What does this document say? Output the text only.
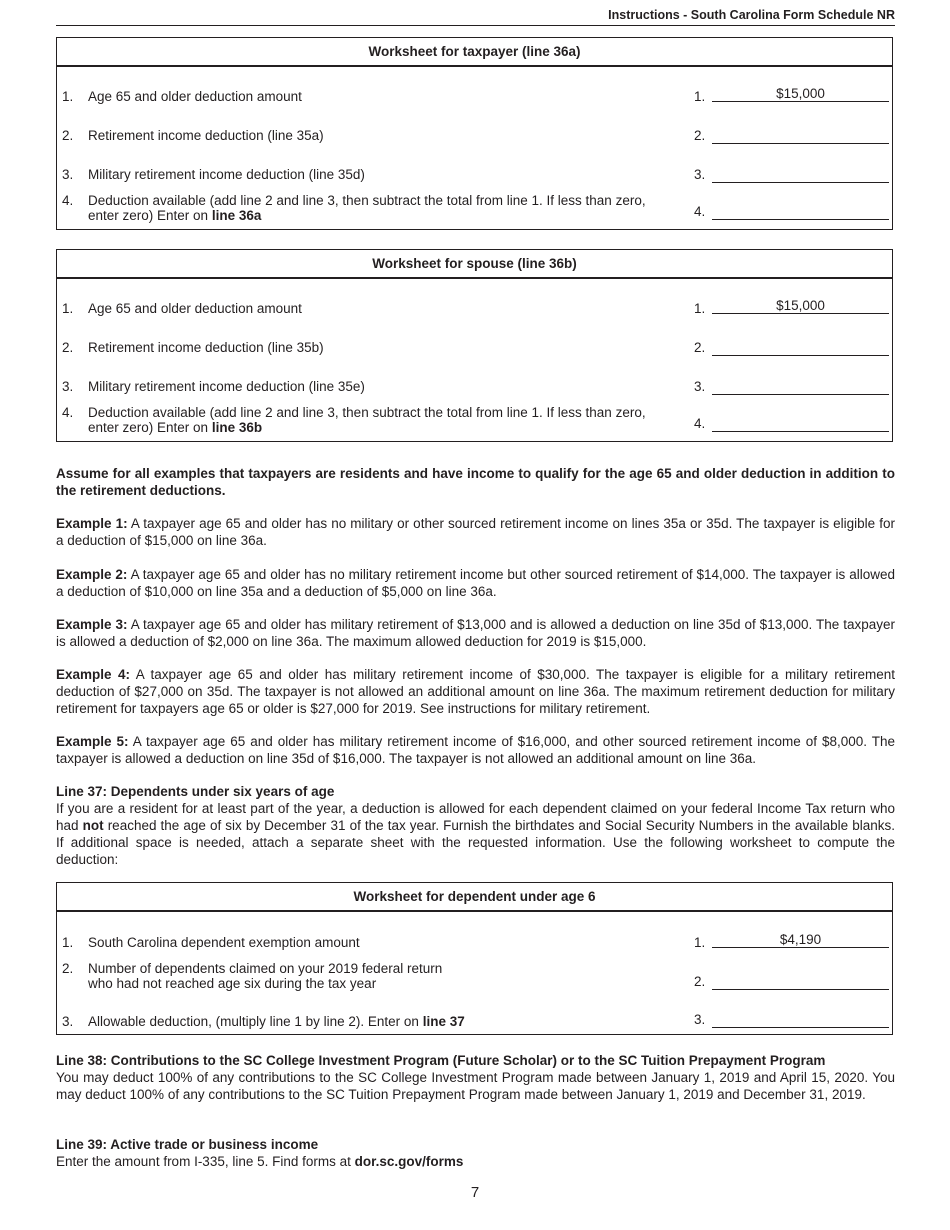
Instructions - South Carolina Form Schedule NR
Worksheet for taxpayer (line 36a)
1. Age 65 and older deduction amount	1.	$15,000
2. Retirement income deduction (line 35a)	2.
3. Military retirement income deduction (line 35d)	3.
4. Deduction available (add line 2 and line 3, then subtract the total from line 1. If less than zero, enter zero) Enter on line 36a	4.
Worksheet for spouse (line 36b)
1. Age 65 and older deduction amount	1.	$15,000
2. Retirement income deduction (line 35b)	2.
3. Military retirement income deduction (line 35e)	3.
4. Deduction available (add line 2 and line 3, then subtract the total from line 1. If less than zero, enter zero) Enter on line 36b	4.
Assume for all examples that taxpayers are residents and have income to qualify for the age 65 and older deduction in addition to the retirement deductions.
Example 1: A taxpayer age 65 and older has no military or other sourced retirement income on lines 35a or 35d. The taxpayer is eligible for a deduction of $15,000 on line 36a.
Example 2: A taxpayer age 65 and older has no military retirement income but other sourced retirement of $14,000. The taxpayer is allowed a deduction of $10,000 on line 35a and a deduction of $5,000 on line 36a.
Example 3: A taxpayer age 65 and older has military retirement of $13,000 and is allowed a deduction on line 35d of $13,000. The taxpayer is allowed a deduction of $2,000 on line 36a. The maximum allowed deduction for 2019 is $15,000.
Example 4: A taxpayer age 65 and older has military retirement income of $30,000. The taxpayer is eligible for a military retirement deduction of $27,000 on 35d. The taxpayer is not allowed an additional amount on line 36a. The maximum retirement deduction for military retirement for taxpayers age 65 or older is $27,000 for 2019. See instructions for military retirement.
Example 5: A taxpayer age 65 and older has military retirement income of $16,000, and other sourced retirement income of $8,000. The taxpayer is allowed a deduction on line 35d of $16,000. The taxpayer is not allowed an additional amount on line 36a.
Line 37: Dependents under six years of age
If you are a resident for at least part of the year, a deduction is allowed for each dependent claimed on your federal Income Tax return who had not reached the age of six by December 31 of the tax year. Furnish the birthdates and Social Security Numbers in the available blanks. If additional space is needed, attach a separate sheet with the requested information. Use the following worksheet to compute the deduction:
Worksheet for dependent under age 6
1. South Carolina dependent exemption amount	1.	$4,190
2. Number of dependents claimed on your 2019 federal return
who had not reached age six during the tax year	2.
3. Allowable deduction, (multiply line 1 by line 2). Enter on line 37	3.
Line 38: Contributions to the SC College Investment Program (Future Scholar) or to the SC Tuition Prepayment Program
You may deduct 100% of any contributions to the SC College Investment Program made between January 1, 2019 and April 15, 2020. You may deduct 100% of any contributions to the SC Tuition Prepayment Program made between January 1, 2019 and December 31, 2019.
Line 39: Active trade or business income
Enter the amount from I-335, line 5. Find forms at dor.sc.gov/forms
7
